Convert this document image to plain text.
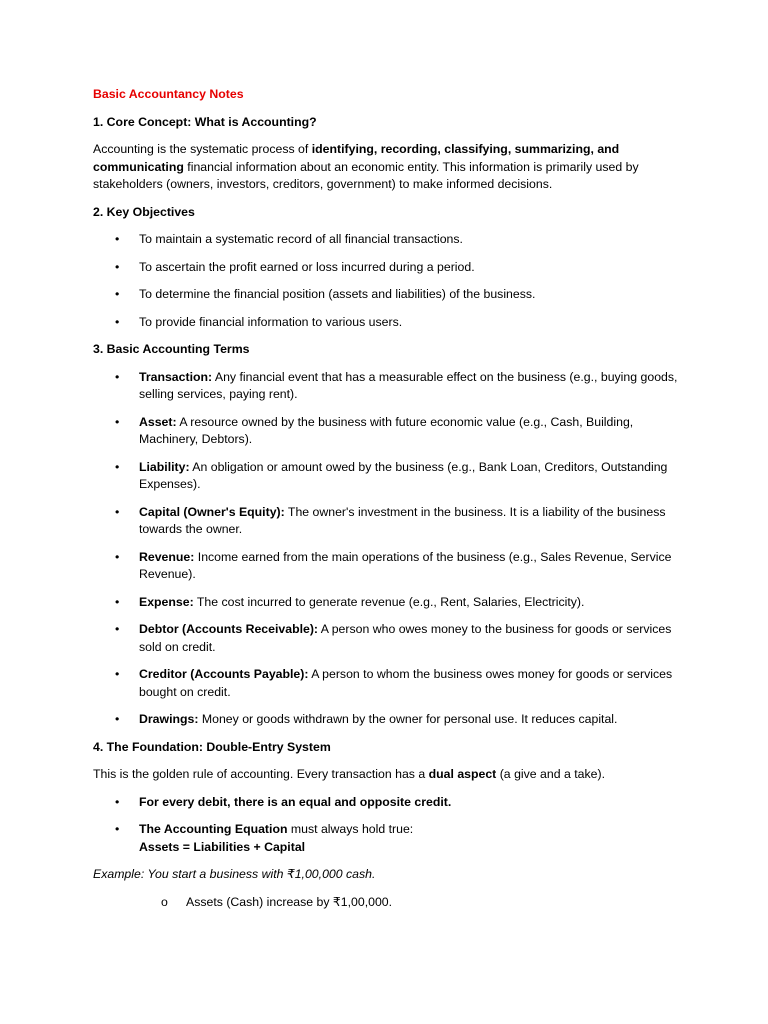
Basic Accountancy Notes
1. Core Concept: What is Accounting?

Accounting is the systematic process of identifying, recording, classifying, summarizing, and communicating financial information about an economic entity. This information is primarily used by stakeholders (owners, investors, creditors, government) to make informed decisions.

2. Key Objectives
• To maintain a systematic record of all financial transactions.
• To ascertain the profit earned or loss incurred during a period.
• To determine the financial position (assets and liabilities) of the business.
• To provide financial information to various users.
3. Basic Accounting Terms
• Transaction: Any financial event that has a measurable effect on the business (e.g., buying goods, selling services, paying rent).
• Asset: A resource owned by the business with future economic value (e.g., Cash, Building, Machinery, Debtors).
• Liability: An obligation or amount owed by the business (e.g., Bank Loan, Creditors, Outstanding Expenses).
• Capital (Owner's Equity): The owner's investment in the business. It is a liability of the business towards the owner.
• Revenue: Income earned from the main operations of the business (e.g., Sales Revenue, Service Revenue).
• Expense: The cost incurred to generate revenue (e.g., Rent, Salaries, Electricity).
• Debtor (Accounts Receivable): A person who owes money to the business for goods or services sold on credit.
• Creditor (Accounts Payable): A person to whom the business owes money for goods or services bought on credit.
• Drawings: Money or goods withdrawn by the owner for personal use. It reduces capital.
4. The Foundation: Double-Entry System

This is the golden rule of accounting. Every transaction has a dual aspect (a give and a take).

• For every debit, there is an equal and opposite credit.
• The Accounting Equation must always hold true:
Assets = Liabilities + Capital

Example: You start a business with ₹1,00,000 cash.

o Assets (Cash) increase by ₹1,00,000.
